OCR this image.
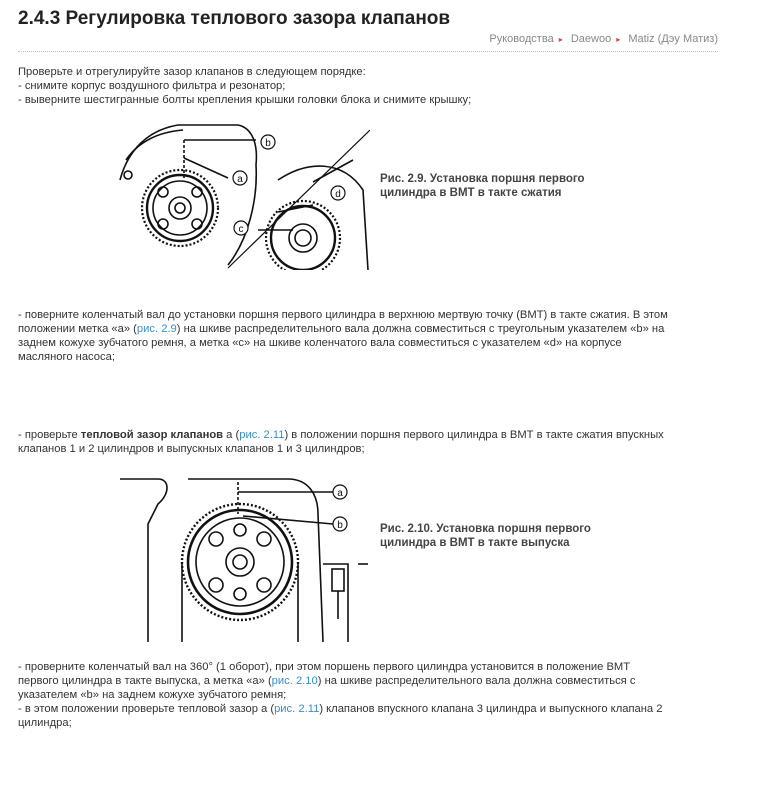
2.4.3 Регулировка теплового зазора клапанов
Руководства ▸ Daewoo ▸ Matiz (Дэу Матиз)
Проверьте и отрегулируйте зазор клапанов в следующем порядке:
- снимите корпус воздушного фильтра и резонатор;
- выверните шестигранные болты крепления крышки головки блока и снимите крышку;
b
a
c
d
Рис. 2.9. Установка поршня первого
цилиндра в ВМТ в такте сжатия
- поверните коленчатый вал до установки поршня первого цилиндра в верхнюю мертвую точку (ВМТ) в такте сжатия. В этом
положении метка «а» (рис. 2.9) на шкиве распределительного вала должна совместиться с треугольным указателем «b» на
заднем кожухе зубчатого ремня, а метка «с» на шкиве коленчатого вала совместиться с указателем «d» на корпусе
масляного насоса;
- проверьте тепловой зазор клапанов а (рис. 2.11) в положении поршня первого цилиндра в ВМТ в такте сжатия впускных
клапанов 1 и 2 цилиндров и выпускных клапанов 1 и 3 цилиндров;
a
b	Рис. 2.10. Установка поршня первого
цилиндра в ВМТ в такте выпуска
- проверните коленчатый вал на 360° (1 оборот), при этом поршень первого цилиндра установится в положение ВМТ
первого цилиндра в такте выпуска, а метка «а» (рис. 2.10) на шкиве распределительного вала должна совместиться с
указателем «b» на заднем кожухе зубчатого ремня;
- в этом положении проверьте тепловой зазор а (рис. 2.11) клапанов впускного клапана 3 цилиндра и выпускного клапана 2
цилиндра;
